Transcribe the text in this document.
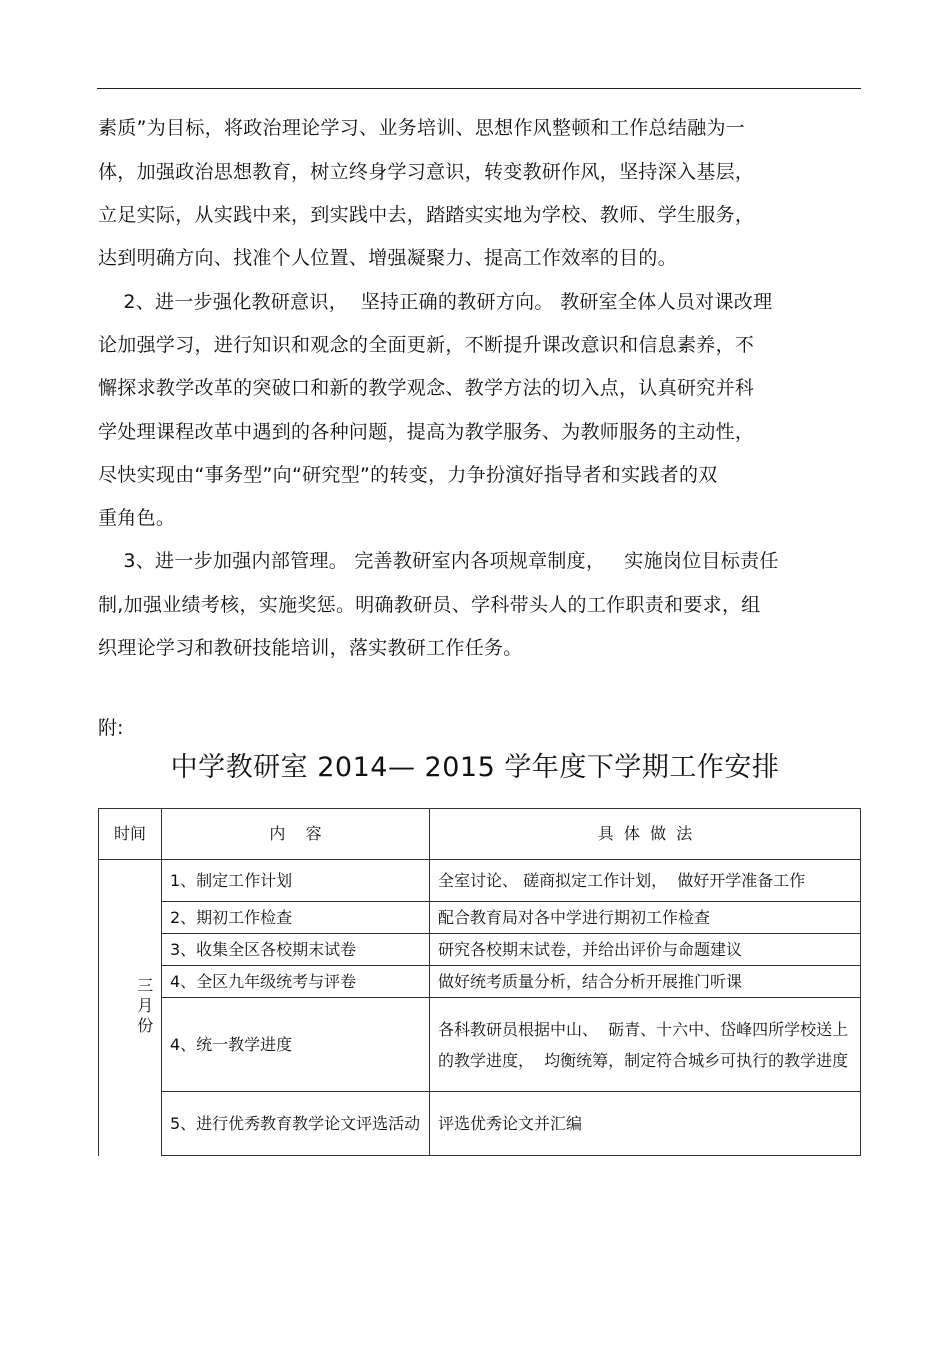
素质”为目标，将政治理论学习、业务培训、思想作风整顿和工作总结融为一
体，加强政治思想教育，树立终身学习意识，转变教研作风，坚持深入基层，
立足实际，从实践中来，到实践中去，踏踏实实地为学校、教师、学生服务，
达到明确方向、找准个人位置、增强凝聚力、提高工作效率的目的。
2、进一步强化教研意识，  坚持正确的教研方向。 教研室全体人员对课改理
论加强学习，进行知识和观念的全面更新，不断提升课改意识和信息素养，不
懈探求教学改革的突破口和新的教学观念、教学方法的切入点，认真研究并科
学处理课程改革中遇到的各种问题，提高为教学服务、为教师服务的主动性，
尽快实现由“事务型”向“研究型”的转变，力争扮演好指导者和实践者的双
重角色。
3、进一步加强内部管理。 完善教研室内各项规章制度，   实施岗位目标责任
制,加强业绩考核，实施奖惩。明确教研员、学科带头人的工作职责和要求，组
织理论学习和教研技能培训，落实教研工作任务。
附:
中学教研室 2014— 2015 学年度下学期工作安排
时间	内    容	具  体  做  法

三月份	1、制定工作计划	全室讨论、 磋商拟定工作计划，  做好开学准备工作
	2、期初工作检查	配合教育局对各中学进行期初工作检查
	3、收集全区各校期末试卷	研究各校期末试卷，并给出评价与命题建议
	4、全区九年级统考与评卷	做好统考质量分析，结合分析开展推门听课
	4、统一教学进度	各科教研员根据中山、  砺青、十六中、岱峰四所学校送上的教学进度，  均衡统筹，制定符合城乡可执行的教学进度
	5、进行优秀教育教学论文评选活动	评选优秀论文并汇编
